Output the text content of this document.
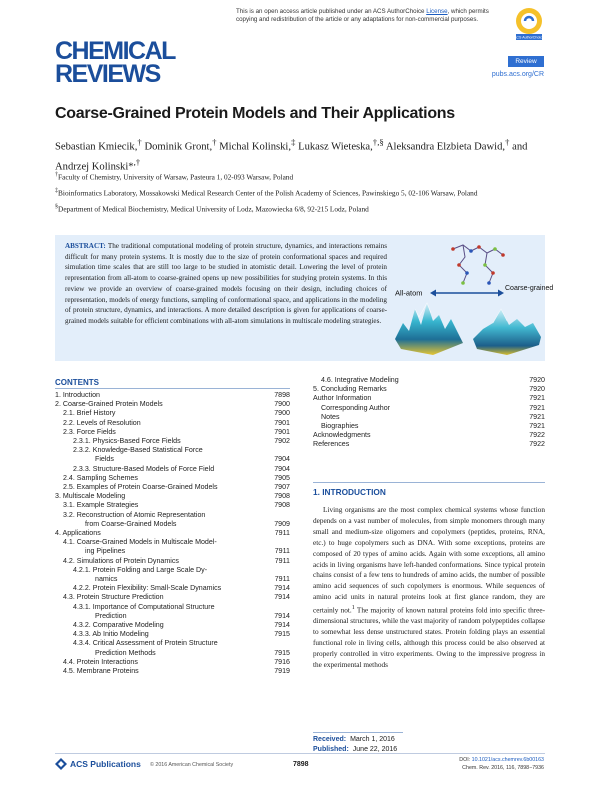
This is an open access article published under an ACS AuthorChoice License, which permits copying and redistribution of the article or any adaptations for non-commercial purposes.
ACS AuthorChoice
CHEMICAL
REVIEWS	Review
pubs.acs.org/CR
Coarse-Grained Protein Models and Their Applications
Sebastian Kmiecik,† Dominik Gront,† Michal Kolinski,‡ Lukasz Wieteska,†,§ Aleksandra Elzbieta Dawid,† and Andrzej Kolinski*,†

†Faculty of Chemistry, University of Warsaw, Pasteura 1, 02-093 Warsaw, Poland

‡Bioinformatics Laboratory, Mossakowski Medical Research Center of the Polish Academy of Sciences, Pawinskiego 5, 02-106 Warsaw, Poland

§Department of Medical Biochemistry, Medical University of Lodz, Mazowiecka 6/8, 92-215 Lodz, Poland

ABSTRACT: The traditional computational modeling of protein structure, dynamics, and interactions remains difficult for many protein systems. It is mostly due to the size of protein conformational spaces and required simulation time scales that are still too large to be studied in atomistic detail. Lowering the level of protein representation from all-atom to coarse-grained opens up new possibilities for studying protein systems. In this review we provide an overview of coarse-grained models focusing on their design, including choices of representation, models of energy functions, sampling of conformational space, and applications in the modeling of protein structure, dynamics, and interactions. A more detailed description is given for applications of coarse-grained models suitable for efficient combinations with all-atom simulations in multiscale modeling strategies.
All-atom	Coarse-grained
CONTENTS
1. Introduction	7898
2. Coarse-Grained Protein Models	7900
2.1. Brief History	7900
2.2. Levels of Resolution	7901
2.3. Force Fields	7901
2.3.1. Physics-Based Force Fields	7902
2.3.2. Knowledge-Based Statistical Force
Fields	7904
2.3.3. Structure-Based Models of Force Field	7904
2.4. Sampling Schemes	7905
2.5. Examples of Protein Coarse-Grained Models	7907
3. Multiscale Modeling	7908
3.1. Example Strategies	7908
3.2. Reconstruction of Atomic Representation
from Coarse-Grained Models	7909
4. Applications	7911
4.1. Coarse-Grained Models in Multiscale Model-
ing Pipelines	7911
4.2. Simulations of Protein Dynamics	7911
4.2.1. Protein Folding and Large Scale Dy-
namics	7911
4.2.2. Protein Flexibility: Small-Scale Dynamics	7914
4.3. Protein Structure Prediction	7914
4.3.1. Importance of Computational Structure
Prediction	7914
4.3.2. Comparative Modeling	7914
4.3.3. Ab Initio Modeling	7915
4.3.4. Critical Assessment of Protein Structure
Prediction Methods	7915
4.4. Protein Interactions	7916
4.5. Membrane Proteins	7919
4.6. Integrative Modeling	7920
5. Concluding Remarks	7920
Author Information	7921
Corresponding Author	7921
Notes	7921
Biographies	7921
Acknowledgments	7922
References	7922
1. INTRODUCTION
Living organisms are the most complex chemical systems whose function depends on a vast number of molecules, from simple monomers through many small and medium-size oligomers and copolymers (peptides, proteins, RNA, etc.) to huge copolymers such as DNA. With some exceptions, proteins are composed of 20 types of amino acids. Again with some exceptions, all amino acids in living organisms have left-handed conformations. Since typical protein chains consist of a few tens to hundreds of amino acids, the number of possible amino acid sequences of such copolymers is enormous. While sequences of amino acid units in natural proteins look at first glance random, they are certainly not.$^1$ The majority of known natural proteins fold into specific three-dimensional structures, while the vast majority of random polypeptides collapse to somewhat less dense unstructured states. Protein folding plays an essential functional role in living cells, although this process could be also observed at properly controlled in vitro experiments. Owing to the impressive progress in the experimental methods
Received: March 1, 2016
Published: June 22, 2016
ACS Publications © 2016 American Chemical Society	7898
DOI: 10.1021/acs.chemrev.6b00163
Chem. Rev. 2016, 116, 7898−7936
